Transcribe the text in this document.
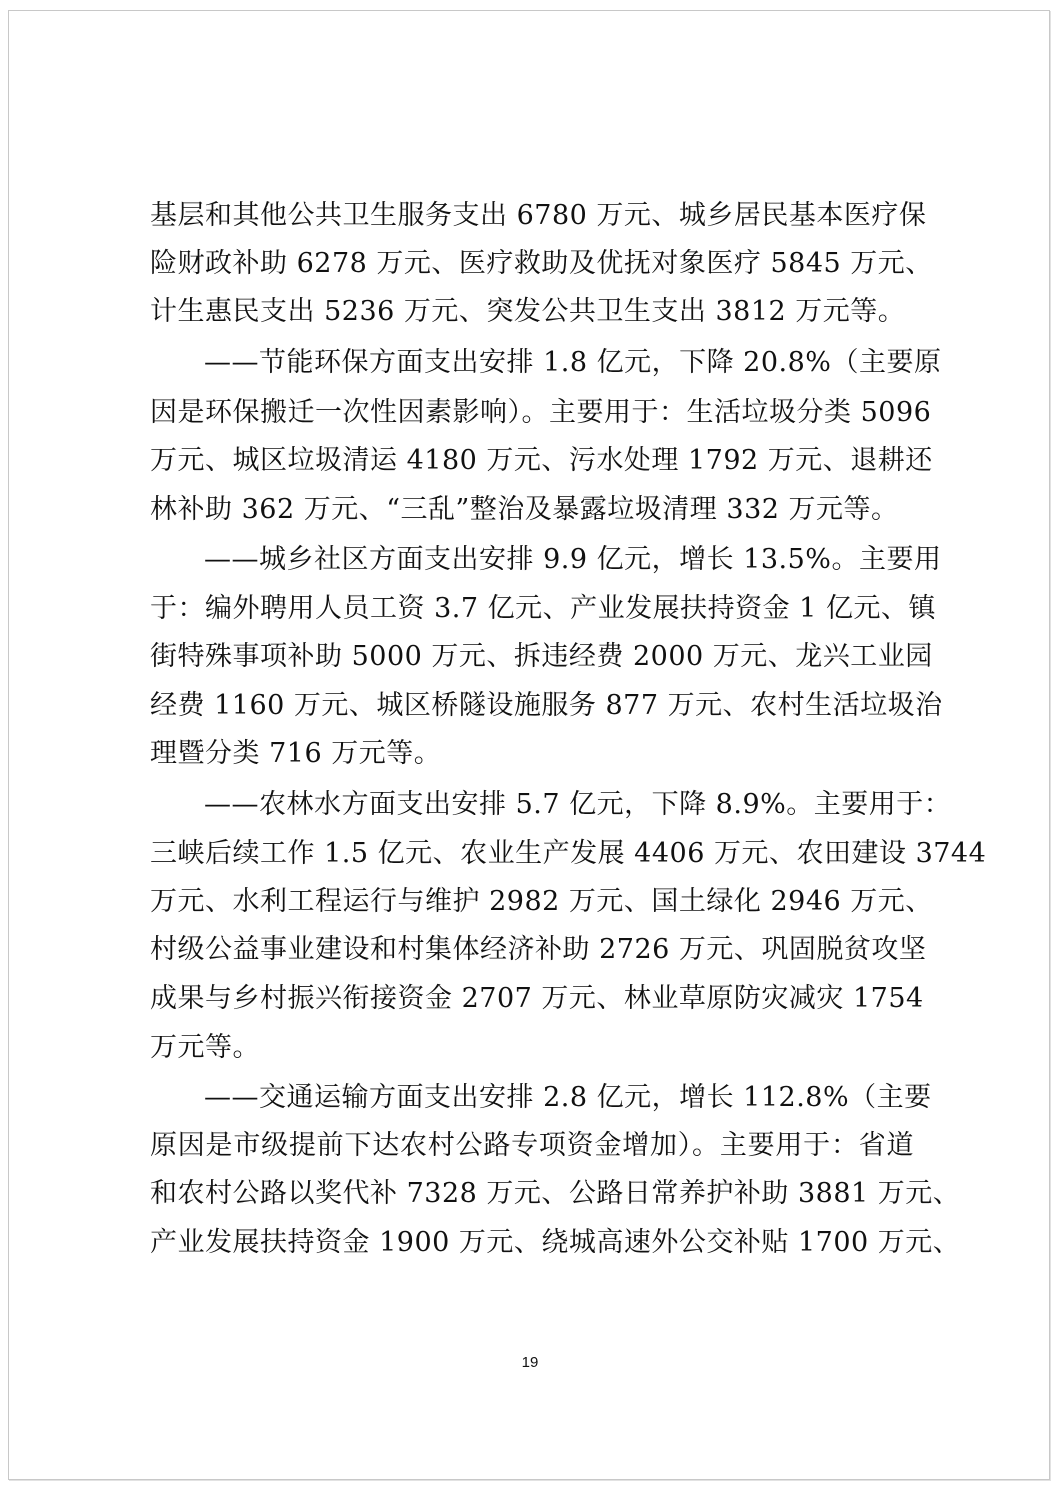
基层和其他公共卫生服务支出 6780 万元、城乡居民基本医疗保
险财政补助 6278 万元、医疗救助及优抚对象医疗 5845 万元、
计生惠民支出 5236 万元、突发公共卫生支出 3812 万元等。
——节能环保方面支出安排 1.8 亿元，下降 20.8%（主要原
因是环保搬迁一次性因素影响）。主要用于：生活垃圾分类 5096
万元、城区垃圾清运 4180 万元、污水处理 1792 万元、退耕还
林补助 362 万元、“三乱”整治及暴露垃圾清理 332 万元等。
——城乡社区方面支出安排 9.9 亿元，增长 13.5%。主要用
于：编外聘用人员工资 3.7 亿元、产业发展扶持资金 1 亿元、镇
街特殊事项补助 5000 万元、拆违经费 2000 万元、龙兴工业园
经费 1160 万元、城区桥隧设施服务 877 万元、农村生活垃圾治
理暨分类 716 万元等。
——农林水方面支出安排 5.7 亿元，下降 8.9%。主要用于：
三峡后续工作 1.5 亿元、农业生产发展 4406 万元、农田建设 3744
万元、水利工程运行与维护 2982 万元、国土绿化 2946 万元、
村级公益事业建设和村集体经济补助 2726 万元、巩固脱贫攻坚
成果与乡村振兴衔接资金 2707 万元、林业草原防灾减灾 1754
万元等。
——交通运输方面支出安排 2.8 亿元，增长 112.8%（主要
原因是市级提前下达农村公路专项资金增加）。主要用于：省道
和农村公路以奖代补 7328 万元、公路日常养护补助 3881 万元、
产业发展扶持资金 1900 万元、绕城高速外公交补贴 1700 万元、
19
